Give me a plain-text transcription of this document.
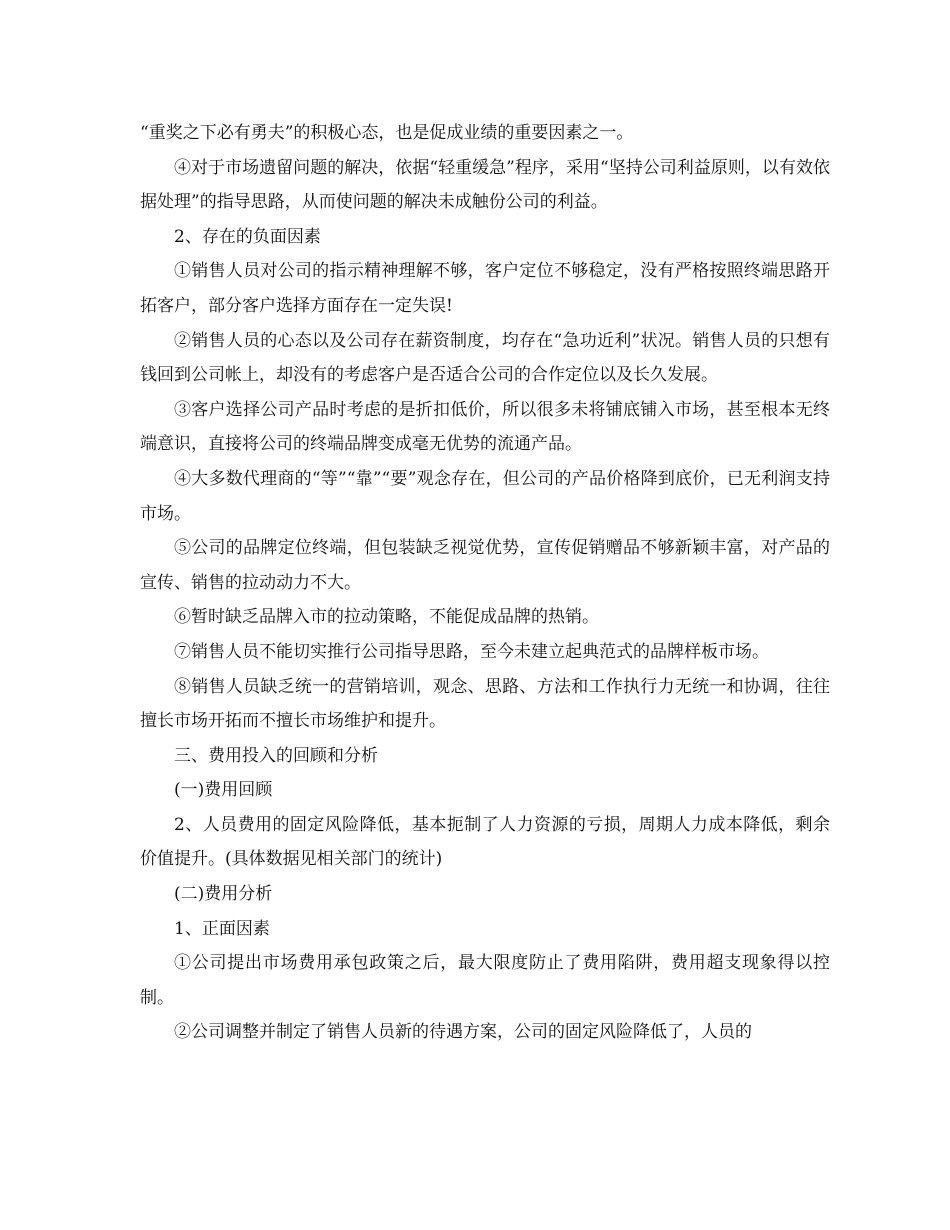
“重奖之下必有勇夫”的积极心态，也是促成业绩的重要因素之一。

④对于市场遗留问题的解决，依据“轻重缓急”程序，采用“坚持公司利益原则，以有效依据处理”的指导思路，从而使问题的解决未成触份公司的利益。

2、存在的负面因素

①销售人员对公司的指示精神理解不够，客户定位不够稳定，没有严格按照终端思路开拓客户，部分客户选择方面存在一定失误!

②销售人员的心态以及公司存在薪资制度，均存在“急功近利”状况。销售人员的只想有钱回到公司帐上，却没有的考虑客户是否适合公司的合作定位以及长久发展。

③客户选择公司产品时考虑的是折扣低价，所以很多未将铺底铺入市场，甚至根本无终端意识，直接将公司的终端品牌变成毫无优势的流通产品。

④大多数代理商的“等”“靠”“要”观念存在，但公司的产品价格降到底价，已无利润支持市场。

⑤公司的品牌定位终端，但包装缺乏视觉优势，宣传促销赠品不够新颖丰富，对产品的宣传、销售的拉动动力不大。

⑥暂时缺乏品牌入市的拉动策略，不能促成品牌的热销。

⑦销售人员不能切实推行公司指导思路，至今未建立起典范式的品牌样板市场。

⑧销售人员缺乏统一的营销培训，观念、思路、方法和工作执行力无统一和协调，往往擅长市场开拓而不擅长市场维护和提升。

三、费用投入的回顾和分析

(一)费用回顾

2、人员费用的固定风险降低，基本扼制了人力资源的亏损，周期人力成本降低，剩余价值提升。(具体数据见相关部门的统计)

(二)费用分析

1、正面因素

①公司提出市场费用承包政策之后，最大限度防止了费用陷阱，费用超支现象得以控制。

②公司调整并制定了销售人员新的待遇方案，公司的固定风险降低了，人员的
